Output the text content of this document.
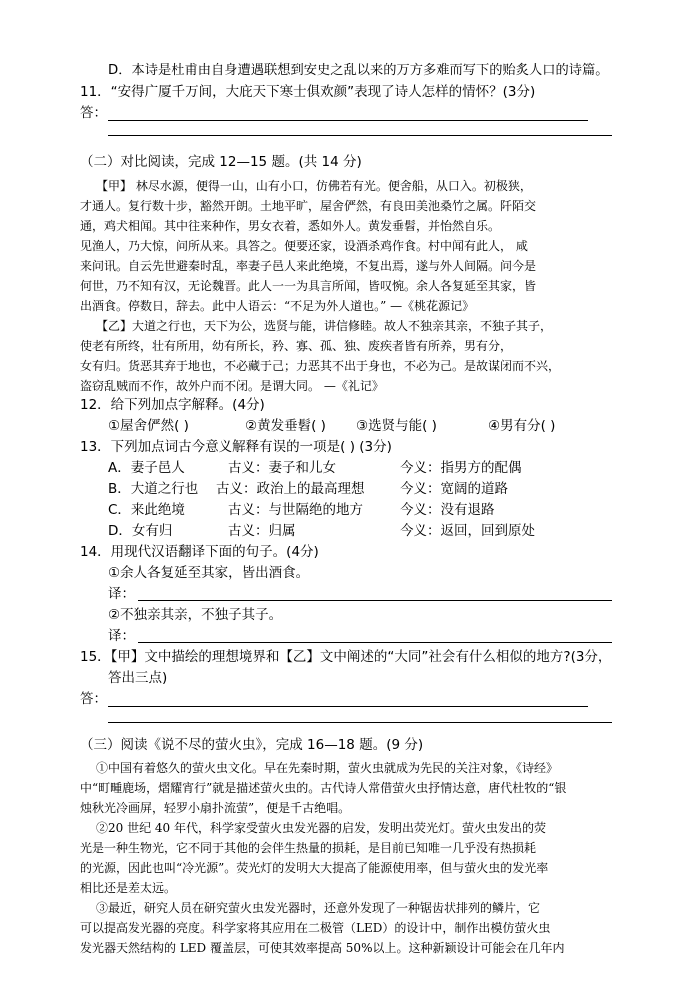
D．本诗是杜甫由自身遭遇联想到安史之乱以来的万方多难而写下的贻炙人口的诗篇。
11．“安得广厦千万间，大庇天下寒士俱欢颜”表现了诗人怎样的情怀？(3分)
答：
（二）对比阅读，完成 12—15 题。(共 14 分)
【甲】 林尽水源，便得一山，山有小口，仿佛若有光。便舍船，从口入。初极狭，
才通人。复行数十步，豁然开朗。土地平旷，屋舍俨然，有良田美池桑竹之属。阡陌交
通，鸡犬相闻。其中往来种作，男女衣着，悉如外人。黄发垂髫，并怡然自乐。
见渔人，乃大惊，问所从来。具答之。便要还家，设酒杀鸡作食。村中闻有此人， 咸
来问讯。自云先世避秦时乱，率妻子邑人来此绝境，不复出焉，遂与外人间隔。问今是
何世，乃不知有汉，无论魏晋。此人一一为具言所闻，皆叹惋。余人各复延至其家，皆
出酒食。停数日，辞去。此中人语云：“不足为外人道也。” —《桃花源记》
【乙】大道之行也，天下为公，选贤与能，讲信修睦。故人不独亲其亲，不独子其子，
使老有所终，壮有所用，幼有所长，矜、寡、孤、独、废疾者皆有所养，男有分，
女有归。货恶其弃于地也，不必藏于己；力恶其不出于身也，不必为己。是故谋闭而不兴，
盗窃乱贼而不作，故外户而不闭。是谓大同。 —《礼记》
12．给下列加点字解释。(4分)
①屋舍俨然( )	②黄发垂髫( ) ③选贤与能( )	④男有分( )
13．下列加点词古今意义解释有误的一项是( ) (3分)
A．妻子邑人	古义：妻子和儿女	今义：指男方的配偶
B．大道之行也 古义：政治上的最高理想	今义：宽阔的道路
C．来此绝境	古义：与世隔绝的地方	今义：没有退路
D．女有归	古义：归属	今义：返回，回到原处
14．用现代汉语翻译下面的句子。(4分)
①余人各复延至其家，皆出酒食。
译：
②不独亲其亲，不独子其子。
译：
15．【甲】文中描绘的理想境界和【乙】文中阐述的“大同”社会有什么相似的地方?(3分，
答出三点)
答：
（三）阅读《说不尽的萤火虫》，完成 16—18 题。(9 分)
①中国有着悠久的萤火虫文化。早在先秦时期，萤火虫就成为先民的关注对象，《诗经》
中“町畽鹿场，熠耀宵行”就是描述萤火虫的。古代诗人常借萤火虫抒情达意，唐代杜牧的“银
烛秋光冷画屏，轻罗小扇扑流萤”，便是千古绝唱。
②20 世纪 40 年代，科学家受萤火虫发光器的启发，发明出荧光灯。萤火虫发出的荧
光是一种生物光，它不同于其他的会伴生热量的损耗，是目前已知唯一几乎没有热损耗
的光源，因此也叫“冷光源”。荧光灯的发明大大提高了能源使用率，但与萤火虫的发光率
相比还是差太远。
③最近，研究人员在研究萤火虫发光器时，还意外发现了一种锯齿状排列的鳞片，它
可以提高发光器的亮度。科学家将其应用在二极管（LED）的设计中，制作出模仿萤火虫
发光器天然结构的 LED 覆盖层，可使其效率提高 50%以上。这种新颖设计可能会在几年内
